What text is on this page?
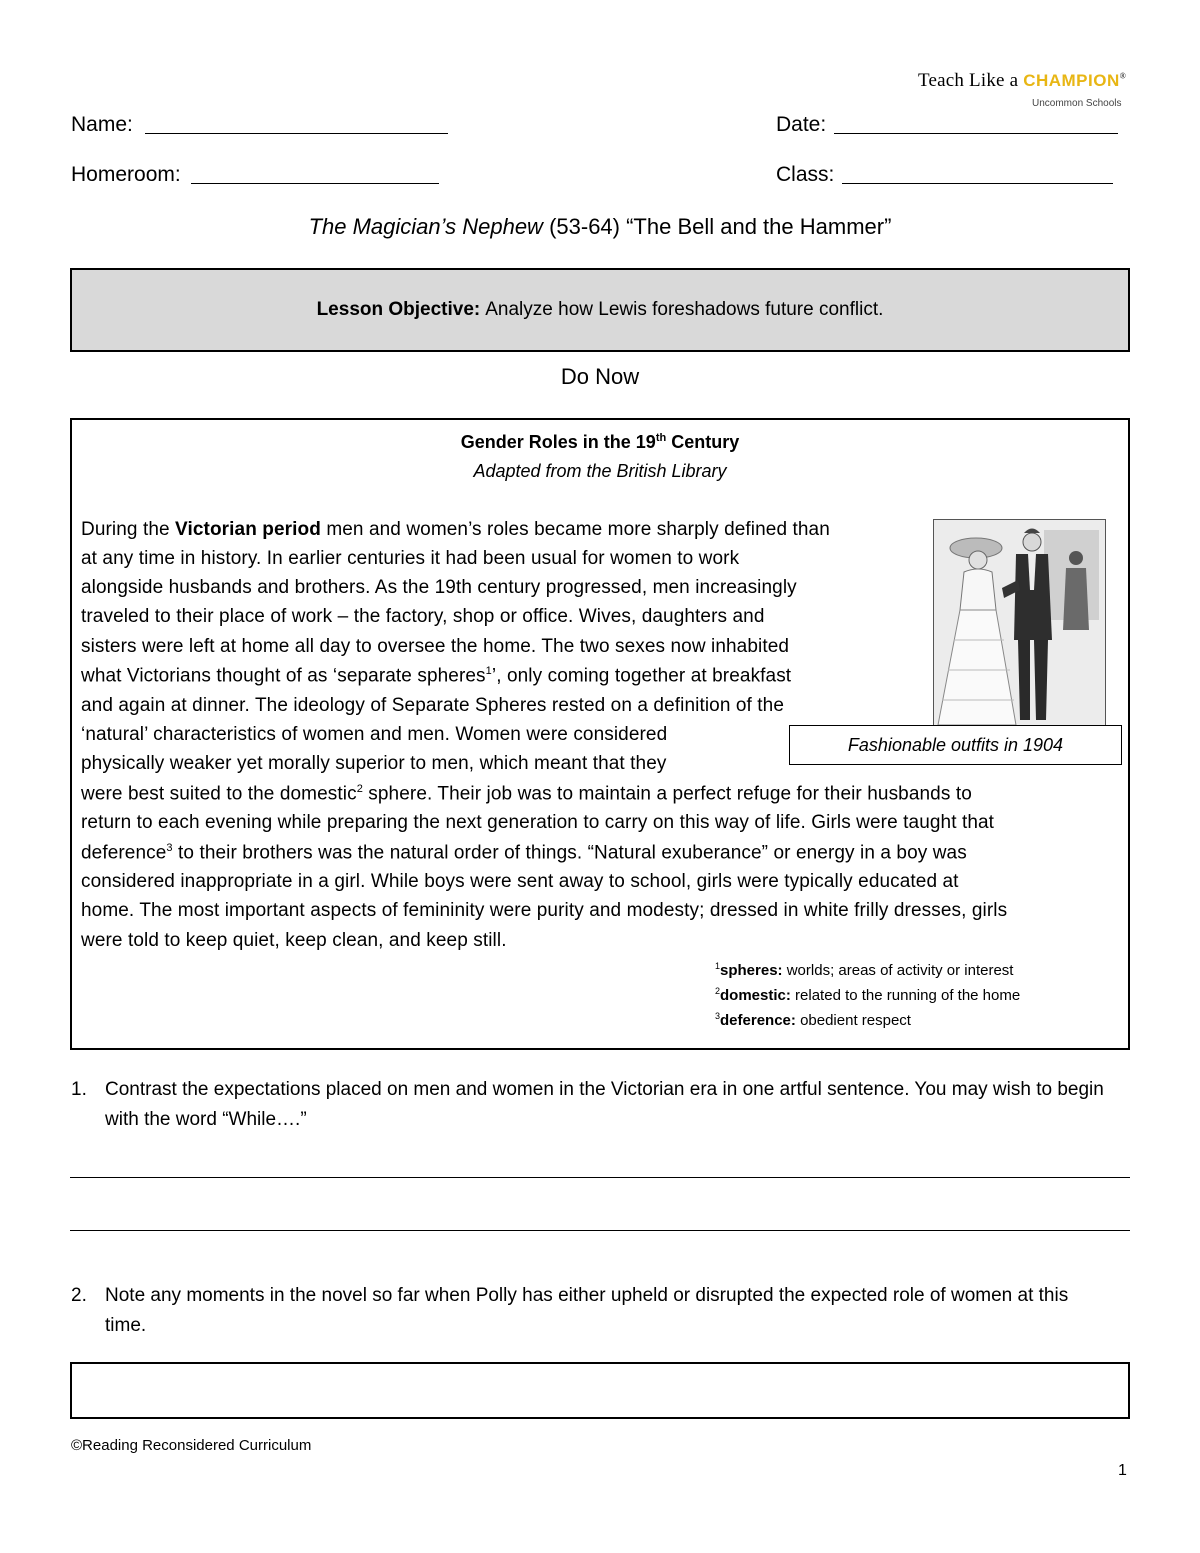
Teach Like a CHAMPION®
Uncommon Schools
Name:	Date:
Homeroom:	Class:
The Magician’s Nephew (53-64) “The Bell and the Hammer”
Lesson Objective: Analyze how Lewis foreshadows future conflict.
Do Now
Gender Roles in the 19th Century
Adapted from the British Library
During the Victorian period men and women’s roles became more sharply defined than
at any time in history. In earlier centuries it had been usual for women to work
alongside husbands and brothers. As the 19th century progressed, men increasingly
traveled to their place of work – the factory, shop or office. Wives, daughters and
sisters were left at home all day to oversee the home. The two sexes now inhabited
what Victorians thought of as ‘separate spheres$^1$’, only coming together at breakfast
and again at dinner. The ideology of Separate Spheres rested on a definition of the
‘natural’ characteristics of women and men. Women were considered
physically weaker yet morally superior to men, which meant that they
were best suited to the domestic$^2$ sphere. Their job was to maintain a perfect refuge for their husbands to
return to each evening while preparing the next generation to carry on this way of life. Girls were taught that
deference$^3$ to their brothers was the natural order of things. “Natural exuberance” or energy in a boy was
considered inappropriate in a girl. While boys were sent away to school, girls were typically educated at
home. The most important aspects of femininity were purity and modesty; dressed in white frilly dresses, girls
were told to keep quiet, keep clean, and keep still.
Fashionable outfits in 1904
$^1$spheres: worlds; areas of activity or interest
$^2$domestic: related to the running of the home
$^3$deference: obedient respect
1. Contrast the expectations placed on men and women in the Victorian era in one artful sentence. You may wish to begin with the word “While….”
2. Note any moments in the novel so far when Polly has either upheld or disrupted the expected role of women at this time.
©Reading Reconsidered Curriculum
1
